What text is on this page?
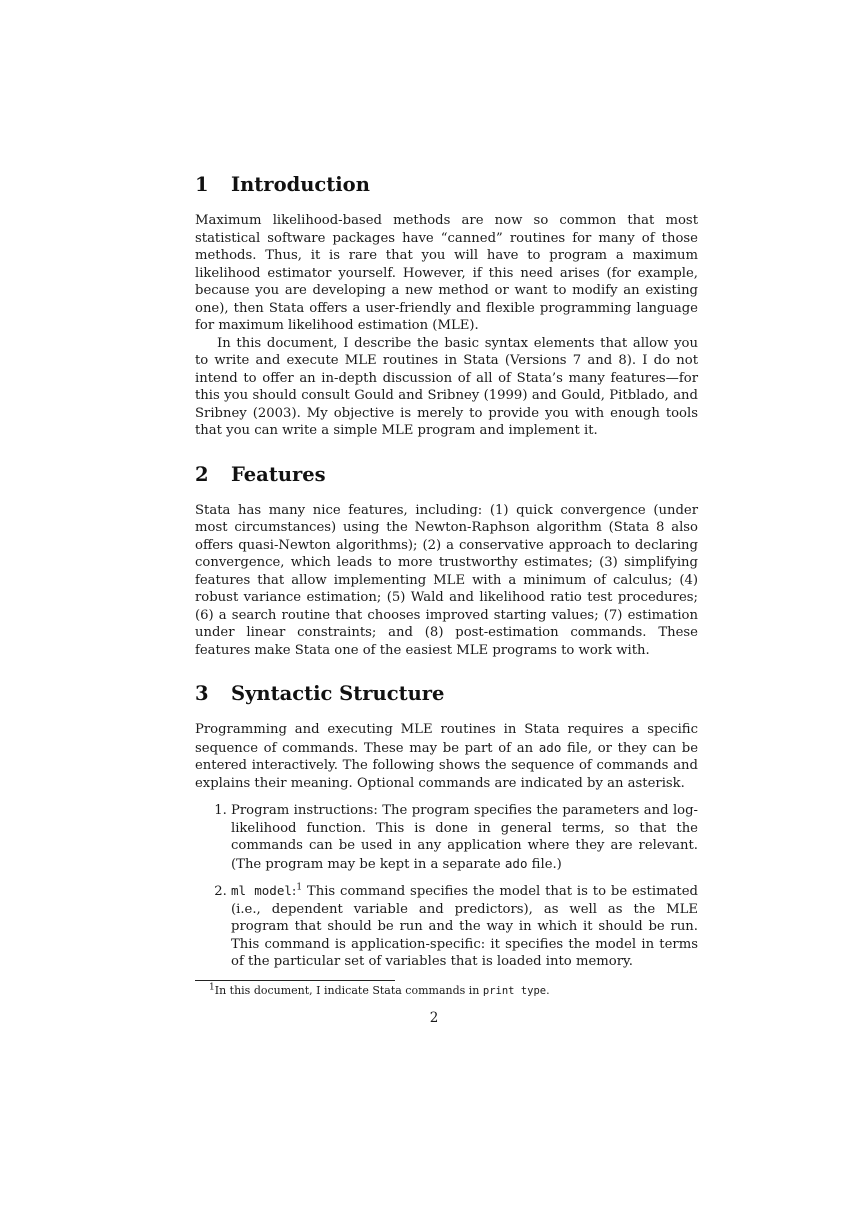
1 Introduction

Maximum likelihood-based methods are now so common that most statistical software packages have “canned” routines for many of those methods. Thus, it is rare that you will have to program a maximum likelihood estimator yourself. However, if this need arises (for example, because you are developing a new method or want to modify an existing one), then Stata offers a user-friendly and flexible programming language for maximum likelihood estimation (MLE).

In this document, I describe the basic syntax elements that allow you to write and execute MLE routines in Stata (Versions 7 and 8). I do not intend to offer an in-depth discussion of all of Stata’s many features—for this you should consult Gould and Sribney (1999) and Gould, Pitblado, and Sribney (2003). My objective is merely to provide you with enough tools that you can write a simple MLE program and implement it.

2 Features

Stata has many nice features, including: (1) quick convergence (under most circumstances) using the Newton-Raphson algorithm (Stata 8 also offers quasi-Newton algorithms); (2) a conservative approach to declaring convergence, which leads to more trustworthy estimates; (3) simplifying features that allow implementing MLE with a minimum of calculus; (4) robust variance estimation; (5) Wald and likelihood ratio test procedures; (6) a search routine that chooses improved starting values; (7) estimation under linear constraints; and (8) post-estimation commands. These features make Stata one of the easiest MLE programs to work with.

3 Syntactic Structure

Programming and executing MLE routines in Stata requires a specific sequence of commands. These may be part of an ado file, or they can be entered interactively. The following shows the sequence of commands and explains their meaning. Optional commands are indicated by an asterisk.

1. Program instructions: The program specifies the parameters and log-likelihood function. This is done in general terms, so that the commands can be used in any application where they are relevant. (The program may be kept in a separate ado file.)
2. ml model:$^1$ This command specifies the model that is to be estimated (i.e., dependent variable and predictors), as well as the MLE program that should be run and the way in which it should be run. This command is application-specific: it specifies the model in terms of the particular set of variables that is loaded into memory.
$^1$In this document, I indicate Stata commands in print type.
2
